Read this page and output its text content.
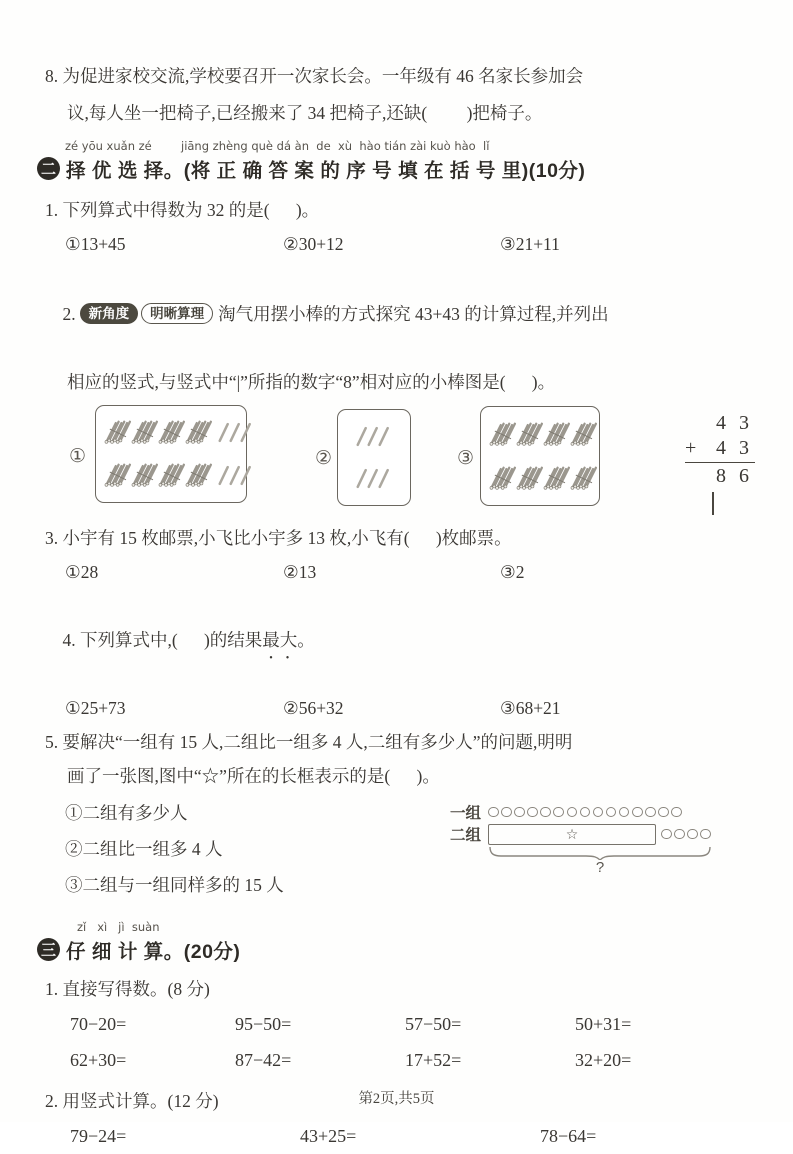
8. 为促进家校交流,学校要召开一次家长会。一年级有 46 名家长参加会
议,每人坐一把椅子,已经搬来了 34 把椅子,还缺(         )把椅子。
zé yōu xuǎn zé        jiāng zhèng què dá àn  de  xù  hào tián zài kuò hào  lǐ
二 择 优 选 择。(将 正 确 答 案 的 序 号 填 在 括 号 里)(10分)
1. 下列算式中得数为 32 的是(      )。
①13+45	②30+12	③21+11

2. 新角度 明晰算理 淘气用摆小棒的方式探究 43+43 的计算过程,并列出

相应的竖式,与竖式中“|”所指的数字“8”相对应的小棒图是(      )。
①	②	③
4 3
+ 4 3
8 6
3. 小宇有 15 枚邮票,小飞比小宇多 13 枚,小飞有(      )枚邮票。
①28	②13	③2

4. 下列算式中,(      )的结果最大 ••。

①25+73	②56+32	③68+21
5. 要解决“一组有 15 人,二组比一组多 4 人,二组有多少人”的问题,明明
画了一张图,图中“☆”所在的长框表示的是(      )。
①二组有多少人
②二组比一组多 4 人
③二组与一组同样多的 15 人
一组
二组	☆
?
zǐ   xì   jì  suàn
三 仔 细 计 算。(20分)
1. 直接写得数。(8 分)
70−20=	95−50=	57−50=	50+31=
62+30=	87−42=	17+52=	32+20=
2. 用竖式计算。(12 分)
79−24=	43+25=	78−64=
第2页,共5页
